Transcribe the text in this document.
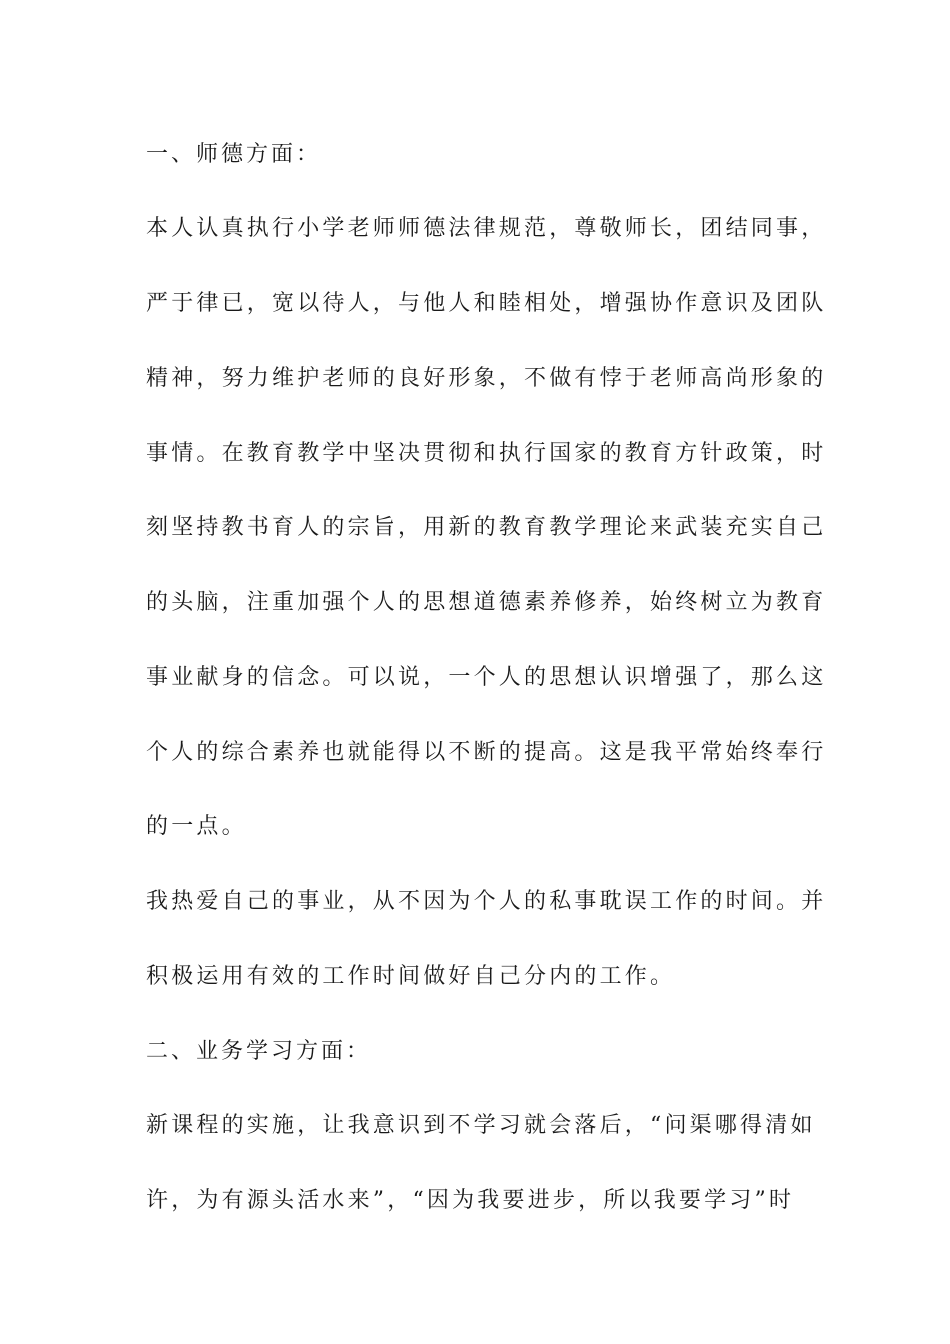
一、师德方面：
本人认真执行小学老师师德法律规范，尊敬师长，团结同事，
严于律已，宽以待人，与他人和睦相处，增强协作意识及团队
精神，努力维护老师的良好形象，不做有悖于老师高尚形象的
事情。在教育教学中坚决贯彻和执行国家的教育方针政策，时
刻坚持教书育人的宗旨，用新的教育教学理论来武装充实自己
的头脑，注重加强个人的思想道德素养修养，始终树立为教育
事业献身的信念。可以说，一个人的思想认识增强了，那么这
个人的综合素养也就能得以不断的提高。这是我平常始终奉行
的一点。
我热爱自己的事业，从不因为个人的私事耽误工作的时间。并
积极运用有效的工作时间做好自己分内的工作。
二、业务学习方面：
新课程的实施，让我意识到不学习就会落后，“问渠哪得清如
许，为有源头活水来”，“因为我要进步，所以我要学习”时
